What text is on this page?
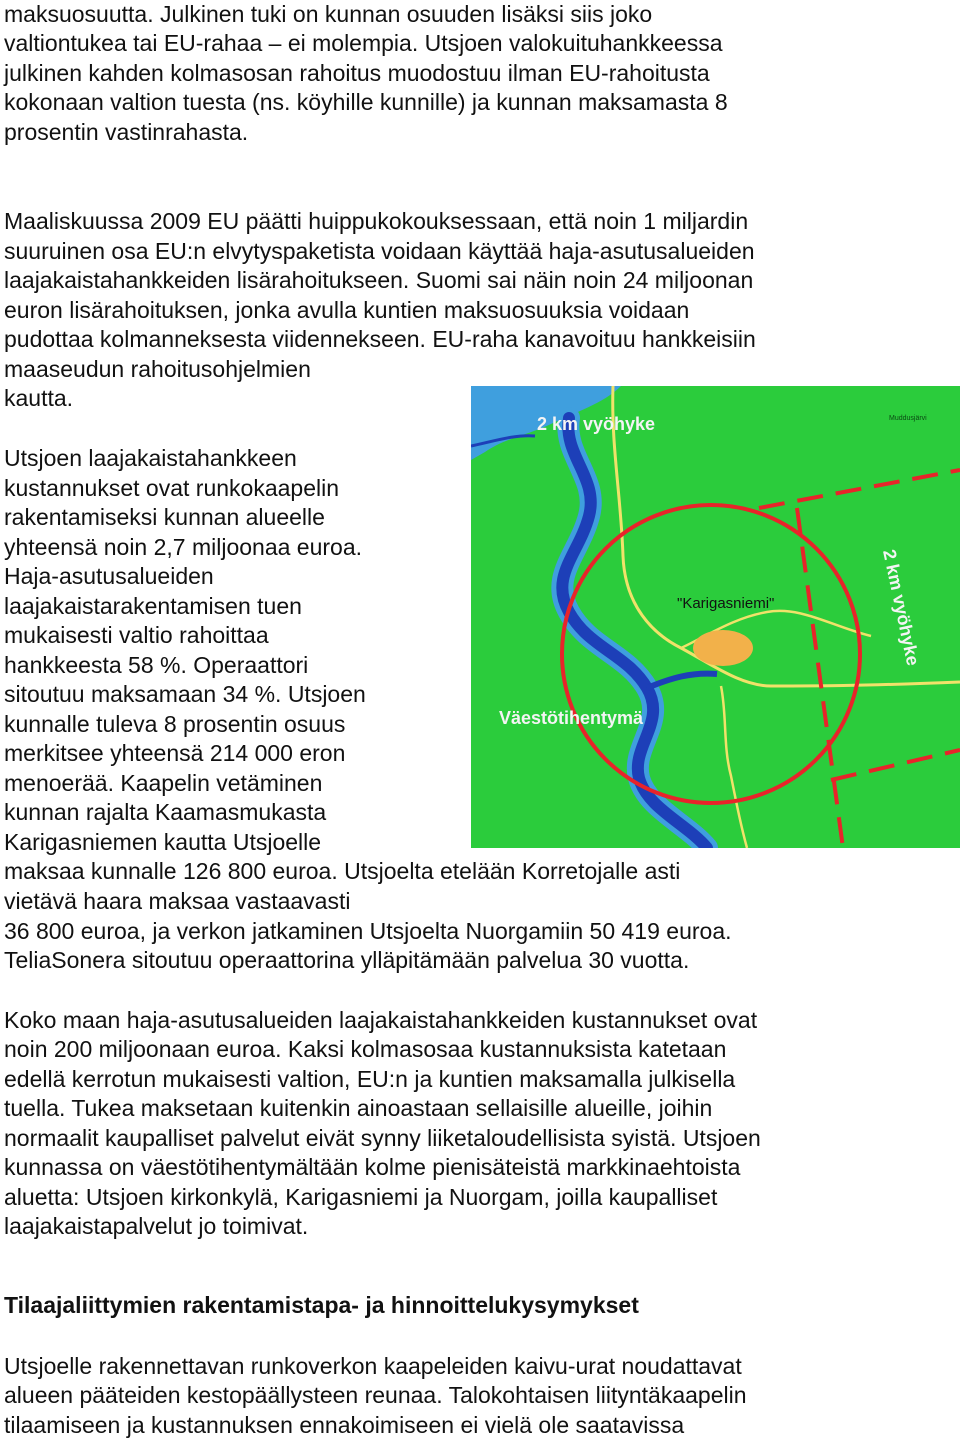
maksuosuutta. Julkinen tuki on kunnan osuuden lisäksi siis joko
valtiontukea tai EU-rahaa – ei molempia. Utsjoen valokuituhankkeessa
julkinen kahden kolmasosan rahoitus muodostuu ilman EU-rahoitusta
kokonaan valtion tuesta (ns. köyhille kunnille) ja kunnan maksamasta 8
prosentin vastinrahasta.
Maaliskuussa 2009 EU päätti huippukokouksessaan, että noin 1 miljardin
suuruinen osa EU:n elvytyspaketista voidaan käyttää haja-asutusalueiden
laajakaistahankkeiden lisärahoitukseen. Suomi sai näin noin 24 miljoonan
euron lisärahoituksen, jonka avulla kuntien maksuosuuksia voidaan
pudottaa kolmanneksesta viidennekseen. EU-raha kanavoituu hankkeisiin
maaseudun rahoitusohjelmien
kautta.
Utsjoen laajakaistahankkeen
kustannukset ovat runkokaapelin
rakentamiseksi kunnan alueelle
yhteensä noin 2,7 miljoonaa euroa.
Haja-asutusalueiden
laajakaistarakentamisen tuen
mukaisesti valtio rahoittaa
hankkeesta 58 %. Operaattori
sitoutuu maksamaan 34 %. Utsjoen
kunnalle tuleva 8 prosentin osuus
merkitsee yhteensä 214 000 eron
menoerää. Kaapelin vetäminen
kunnan rajalta Kaamasmukasta
Karigasniemen kautta Utsjoelle
maksaa kunnalle 126 800 euroa. Utsjoelta etelään Korretojalle asti
vietävä haara maksaa vastaavasti
36 800 euroa, ja verkon jatkaminen Utsjoelta Nuorgamiin 50 419 euroa.
TeliaSonera sitoutuu operaattorina ylläpitämään palvelua 30 vuotta.
Koko maan haja-asutusalueiden laajakaistahankkeiden kustannukset ovat
noin 200 miljoonaan euroa. Kaksi kolmasosaa kustannuksista katetaan
edellä kerrotun mukaisesti valtion, EU:n ja kuntien maksamalla julkisella
tuella. Tukea maksetaan kuitenkin ainoastaan sellaisille alueille, joihin
normaalit kaupalliset palvelut eivät synny liiketaloudellisista syistä. Utsjoen
kunnassa on väestötihentymältään kolme pienisäteistä markkinaehtoista
aluetta: Utsjoen kirkonkylä, Karigasniemi ja Nuorgam, joilla kaupalliset
laajakaistapalvelut jo toimivat.
Tilaajaliittymien rakentamistapa- ja hinnoittelukysymykset
Utsjoelle rakennettavan runkoverkon kaapeleiden kaivu-urat noudattavat
alueen pääteiden kestopäällysteen reunaa. Talokohtaisen liityntäkaapelin
tilaamiseen ja kustannuksen ennakoimiseen ei vielä ole saatavissa
2 km vyöhyke
2 km vyöhyke
"Karigasniemi"
Väestötihentymä
Muddusjärvi
